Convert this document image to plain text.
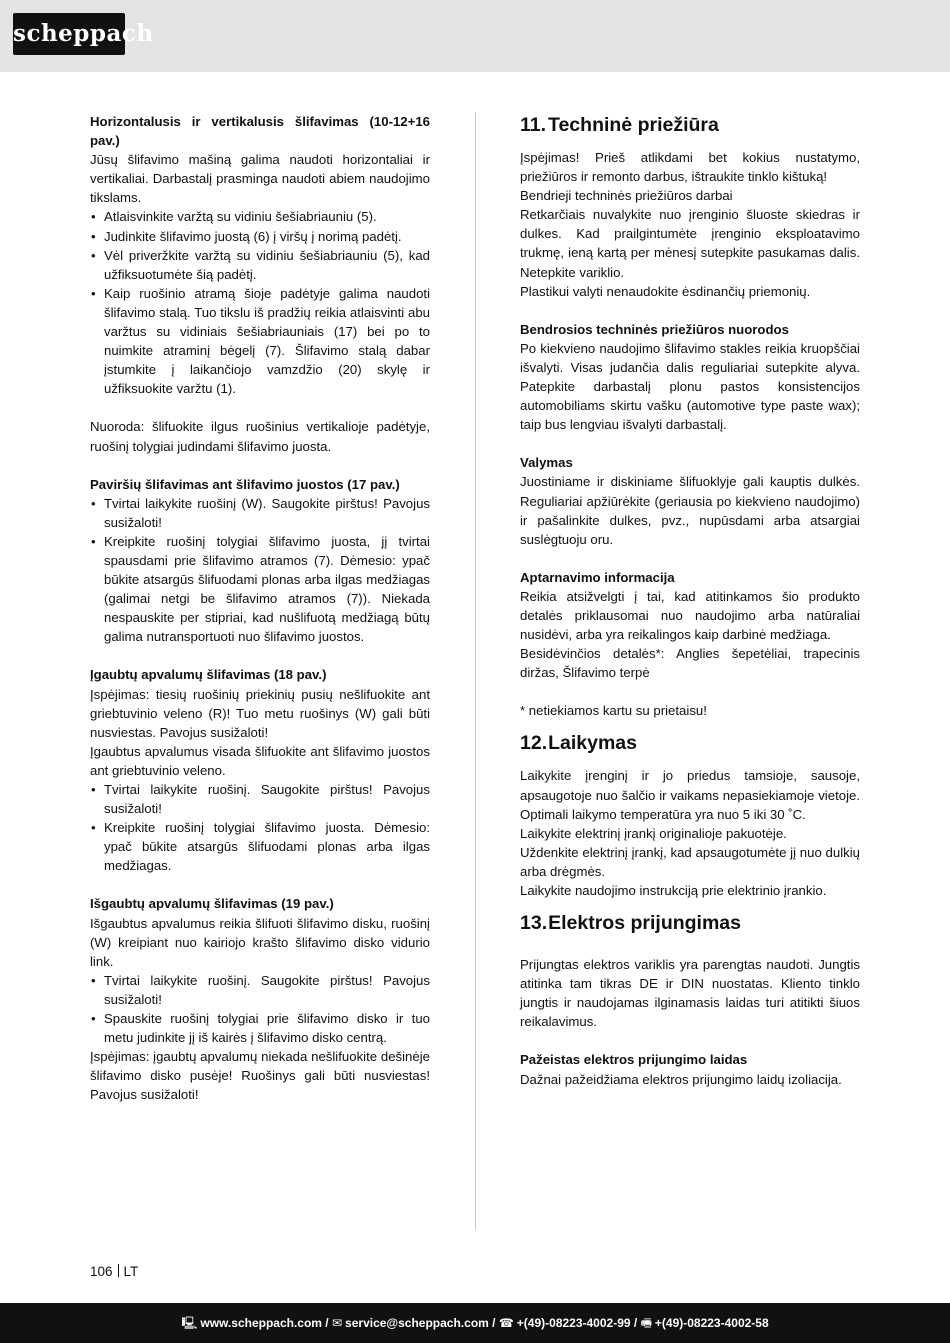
scheppach

Horizontalusis ir vertikalusis šlifavimas (10-12+16 pav.)

Jūsų šlifavimo mašiną galima naudoti horizontaliai ir vertikaliai. Darbastalį prasminga naudoti abiem naudojimo tikslams.

• Atlaisvinkite varžtą su vidiniu šešiabriauniu (5).
• Judinkite šlifavimo juostą (6) į viršų į norimą padėtį.
• Vėl priveržkite varžtą su vidiniu šešiabriauniu (5), kad užfiksuotumėte šią padėtį.
• Kaip ruošinio atramą šioje padėtyje galima naudoti šlifavimo stalą. Tuo tikslu iš pradžių reikia atlaisvinti abu varžtus su vidiniais šešiabriauniais (17) bei po to nuimkite atraminį bėgelį (7). Šlifavimo stalą dabar įstumkite į laikančiojo vamzdžio (20) skylę ir užfiksuokite varžtu (1).

Nuoroda: šlifuokite ilgus ruošinius vertikalioje padėtyje, ruošinį tolygiai judindami šlifavimo juosta.

Paviršių šlifavimas ant šlifavimo juostos (17 pav.)

• Tvirtai laikykite ruošinį (W). Saugokite pirštus! Pavojus susižaloti!
• Kreipkite ruošinį tolygiai šlifavimo juosta, jį tvirtai spausdami prie šlifavimo atramos (7). Dėmesio: ypač būkite atsargūs šlifuodami plonas arba ilgas medžiagas (galimai netgi be šlifavimo atramos (7)). Niekada nespauskite per stipriai, kad nušlifuotą medžiagą būtų galima nutransportuoti nuo šlifavimo juostos.

Įgaubtų apvalumų šlifavimas (18 pav.)

Įspėjimas: tiesių ruošinių priekinių pusių nešlifuokite ant griebtuvinio veleno (R)! Tuo metu ruošinys (W) gali būti nusviestas. Pavojus susižaloti!

Įgaubtus apvalumus visada šlifuokite ant šlifavimo juostos ant griebtuvinio veleno.

• Tvirtai laikykite ruošinį. Saugokite pirštus! Pavojus susižaloti!
• Kreipkite ruošinį tolygiai šlifavimo juosta. Dėmesio: ypač būkite atsargūs šlifuodami plonas arba ilgas medžiagas.

Išgaubtų apvalumų šlifavimas (19 pav.)

Išgaubtus apvalumus reikia šlifuoti šlifavimo disku, ruošinį (W) kreipiant nuo kairiojo krašto šlifavimo disko vidurio link.

• Tvirtai laikykite ruošinį. Saugokite pirštus! Pavojus susižaloti!
• Spauskite ruošinį tolygiai prie šlifavimo disko ir tuo metu judinkite jį iš kairės į šlifavimo disko centrą.

Įspėjimas: įgaubtų apvalumų niekada nešlifuokite dešinėje šlifavimo disko pusėje! Ruošinys gali būti nusviestas! Pavojus susižaloti!

11. Techninė priežiūra

Įspėjimas! Prieš atlikdami bet kokius nustatymo, priežiūros ir remonto darbus, ištraukite tinklo kištuką!

Bendrieji techninės priežiūros darbai

Retkarčiais nuvalykite nuo įrenginio šluoste skiedras ir dulkes. Kad prailgintumėte įrenginio eksploatavimo trukmę, ieną kartą per mėnesį sutepkite pasukamas dalis. Netepkite variklio.

Plastikui valyti nenaudokite ėsdinančių priemonių.

Bendrosios techninės priežiūros nuorodos

Po kiekvieno naudojimo šlifavimo stakles reikia kruopščiai išvalyti. Visas judančia dalis reguliariai sutepkite alyva. Patepkite darbastalį plonu pastos konsistencijos automobiliams skirtu vašku (automotive type paste wax); taip bus lengviau išvalyti darbastalį.

Valymas

Juostiniame ir diskiniame šlifuoklyje gali kauptis dulkės. Reguliariai apžiūrėkite (geriausia po kiekvieno naudojimo) ir pašalinkite dulkes, pvz., nupūsdami arba atsargiai suslėgtuoju oru.

Aptarnavimo informacija

Reikia atsižvelgti į tai, kad atitinkamos šio produkto detalės priklausomai nuo naudojimo arba natūraliai nusidėvi, arba yra reikalingos kaip darbinė medžiaga.

Besidėvinčios detalės*: Anglies šepetėliai, trapecinis diržas, Šlifavimo terpė

* netiekiamos kartu su prietaisu!

12.Laikymas

Laikykite įrenginį ir jo priedus tamsioje, sausoje, apsaugotoje nuo šalčio ir vaikams nepasiekiamoje vietoje. Optimali laikymo temperatūra yra nuo 5 iki 30 ˚C.

Laikykite elektrinį įrankį originalioje pakuotėje.

Uždenkite elektrinį įrankį, kad apsaugotumėte jį nuo dulkių arba drėgmės.

Laikykite naudojimo instrukciją prie elektrinio įrankio.

13.Elektros prijungimas

Prijungtas elektros variklis yra parengtas naudoti. Jungtis atitinka tam tikras DE ir DIN nuostatas. Kliento tinklo jungtis ir naudojamas ilginamasis laidas turi atitikti šiuos reikalavimus.

Pažeistas elektros prijungimo laidas

Dažnai pažeidžiama elektros prijungimo laidų izoliacija.

106 LT
🖳 www.scheppach.com / ✉ service@scheppach.com / ☎ +(49)-08223-4002-99 / 🖷 +(49)-08223-4002-58
